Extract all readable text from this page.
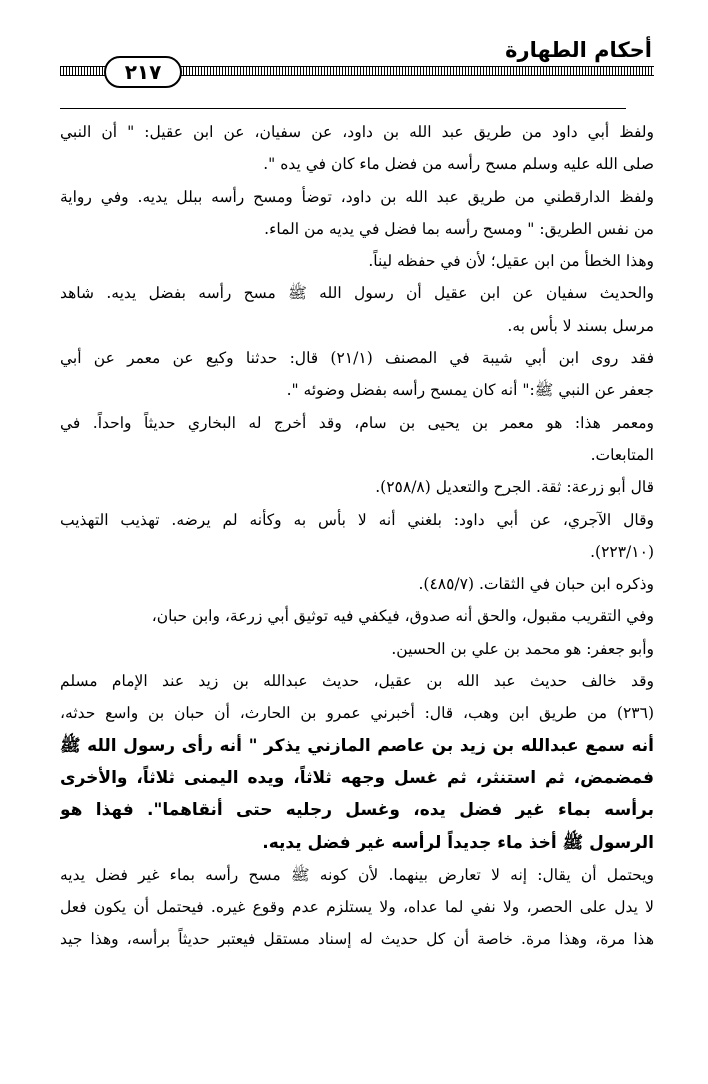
أحكام الطهارة
٢١٧
ولفظ أبي داود من طريق عبد الله بن داود، عن سفيان، عن ابن عقيل: " أن النبي
صلى الله عليه وسلم مسح رأسه من فضل ماء كان في يده ".
ولفظ الدارقطني من طريق عبد الله بن داود، توضأ ومسح رأسه ببلل يديه. وفي رواية
من نفس الطريق: " ومسح رأسه بما فضل في يديه من الماء.
وهذا الخطأ من ابن عقيل؛ لأن في حفظه ليناً.
والحديث سفيان عن ابن عقيل أن رسول الله ﷺ مسح رأسه بفضل يديه. شاهد
مرسل بسند لا بأس به.
فقد روى ابن أبي شيبة في المصنف (٢١/١) قال: حدثنا وكيع عن معمر عن أبي
جعفر عن النبي ﷺ:" أنه كان يمسح رأسه بفضل وضوئه ".
ومعمر هذا: هو معمر بن يحيى بن سام، وقد أخرج له البخاري حديثاً واحداً. في
المتابعات.
قال أبو زرعة: ثقة. الجرح والتعديل (٢٥٨/٨).
وقال الآجري، عن أبي داود: بلغني أنه لا بأس به وكأنه لم يرضه. تهذيب التهذيب
(٢٢٣/١٠).
وذكره ابن حبان في الثقات. (٤٨٥/٧).
وفي التقريب مقبول، والحق أنه صدوق، فيكفي فيه توثيق أبي زرعة، وابن حبان،
وأبو جعفر: هو محمد بن علي بن الحسين.
وقد خالف حديث عبد الله بن عقيل، حديث عبدالله بن زيد عند الإمام مسلم
(٢٣٦) من طريق ابن وهب، قال: أخبرني عمرو بن الحارث، أن حبان بن واسع حدثه،
أنه سمع عبدالله بن زيد بن عاصم المازني يذكر " أنه رأى رسول الله ﷺ
فمضمض، ثم استنثر، ثم غسل وجهه ثلاثاً، ويده اليمنى ثلاثاً، والأخرى
برأسه بماء غير فضل يده، وغسل رجليه حتى أنقاهما". فهذا هو
الرسول ﷺ أخذ ماء جديداً لرأسه غير فضل يديه.
ويحتمل أن يقال: إنه لا تعارض بينهما. لأن كونه ﷺ مسح رأسه بماء غير فضل يديه
لا يدل على الحصر، ولا نفي لما عداه، ولا يستلزم عدم وقوع غيره. فيحتمل أن يكون فعل
هذا مرة، وهذا مرة. خاصة أن كل حديث له إسناد مستقل فيعتبر حديثاً برأسه، وهذا جيد
